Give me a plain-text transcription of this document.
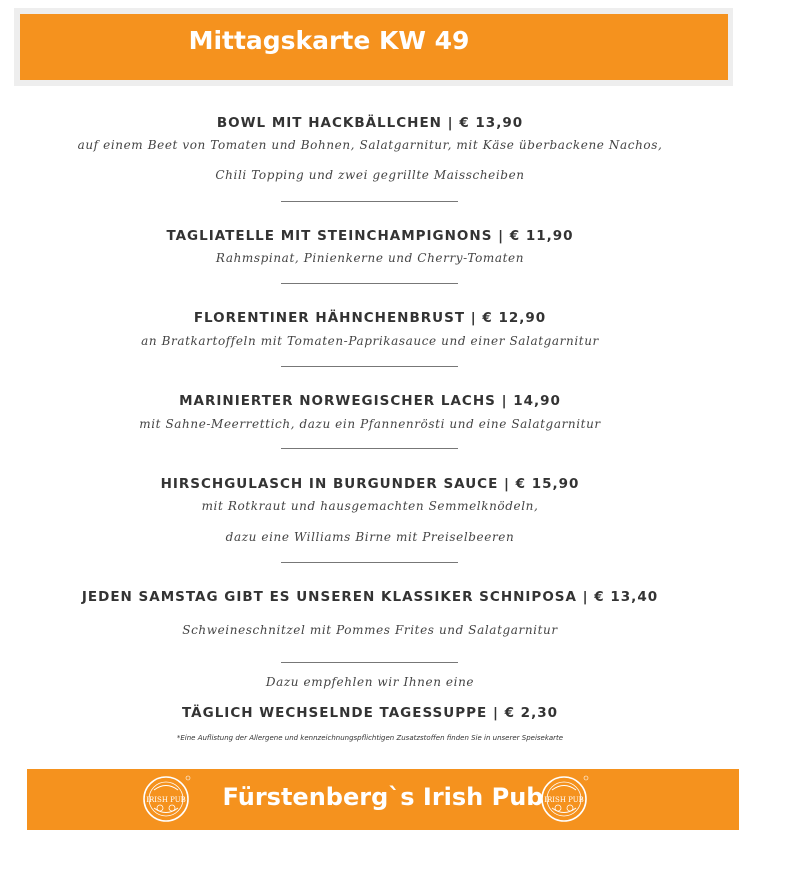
Mittagskarte KW 49
BOWL MIT HACKBÄLLCHEN | € 13,90
auf einem Beet von Tomaten und Bohnen, Salatgarnitur, mit Käse überbackene Nachos,
Chili Topping und zwei gegrillte Maisscheiben
TAGLIATELLE MIT STEINCHAMPIGNONS | € 11,90
Rahmspinat, Pinienkerne und Cherry-Tomaten
FLORENTINER HÄHNCHENBRUST | € 12,90
an Bratkartoffeln mit Tomaten-Paprikasauce und einer Salatgarnitur
MARINIERTER NORWEGISCHER LACHS | 14,90
mit Sahne-Meerrettich, dazu ein Pfannenrösti und eine Salatgarnitur
HIRSCHGULASCH IN BURGUNDER SAUCE | € 15,90
mit Rotkraut und hausgemachten Semmelknödeln,
dazu eine Williams Birne mit Preiselbeeren
JEDEN SAMSTAG GIBT ES UNSEREN KLASSIKER SCHNIPOSA | € 13,40
Schweineschnitzel mit Pommes Frites und Salatgarnitur
Dazu empfehlen wir Ihnen eine
TÄGLICH WECHSELNDE TAGESSUPPE | € 2,30
*Eine Auflistung der Allergene und kennzeichnungspflichtigen Zusatzstoffen finden Sie in unserer Speisekarte
IRISH PUB	Fürstenberg`s Irish Pub IRISH PUB
